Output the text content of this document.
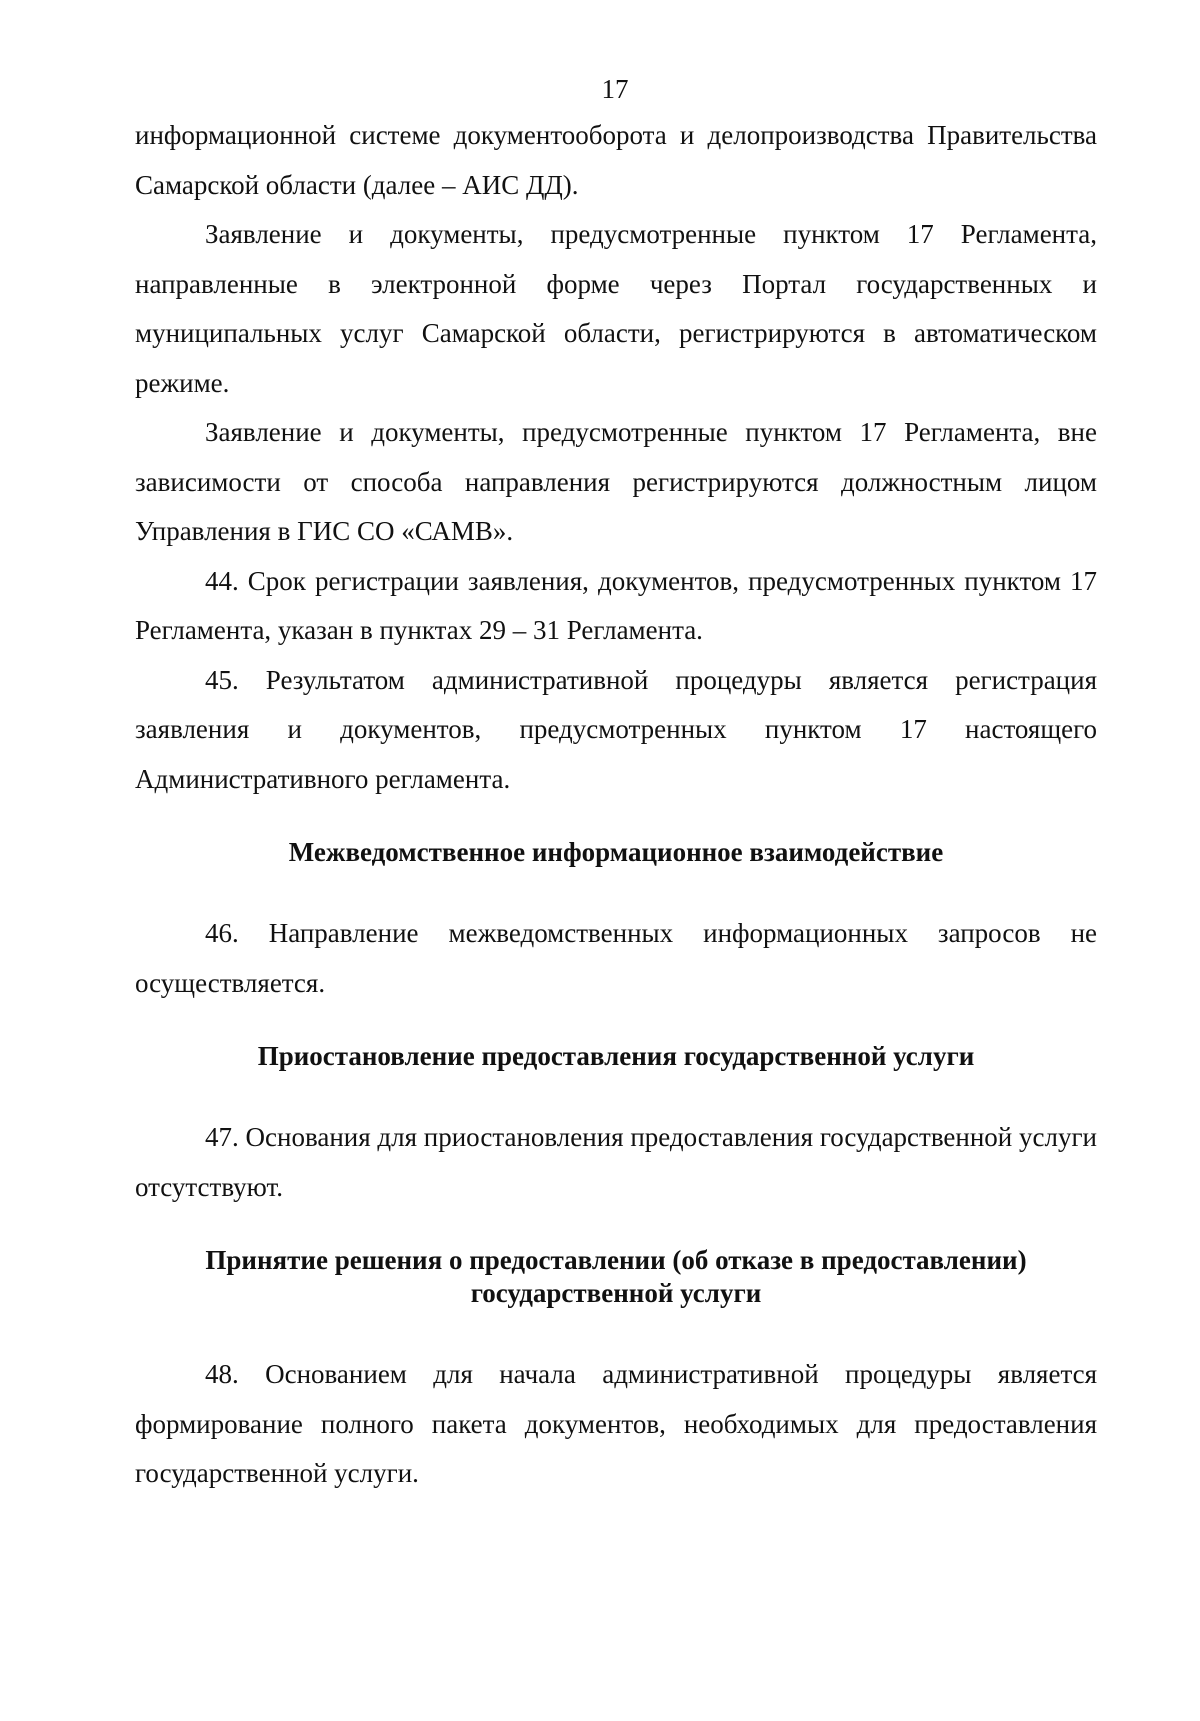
17

информационной системе документооборота и делопроизводства Правительства Самарской области (далее – АИС ДД).

Заявление и документы, предусмотренные пунктом 17 Регламента, направленные в электронной форме через Портал государственных и муниципальных услуг Самарской области, регистрируются в автоматическом режиме.

Заявление и документы, предусмотренные пунктом 17 Регламента, вне зависимости от способа направления регистрируются должностным лицом Управления в ГИС СО «САМВ».

44. Срок регистрации заявления, документов, предусмотренных пунктом 17 Регламента, указан в пунктах 29 – 31 Регламента.

45. Результатом административной процедуры является регистрация заявления и документов, предусмотренных пунктом 17 настоящего Административного регламента.

Межведомственное информационное взаимодействие

46. Направление межведомственных информационных запросов не осуществляется.

Приостановление предоставления государственной услуги

47. Основания для приостановления предоставления государственной услуги отсутствуют.

Принятие решения о предоставлении (об отказе в предоставлении)

государственной услуги

48. Основанием для начала административной процедуры является формирование полного пакета документов, необходимых для предоставления государственной услуги.
